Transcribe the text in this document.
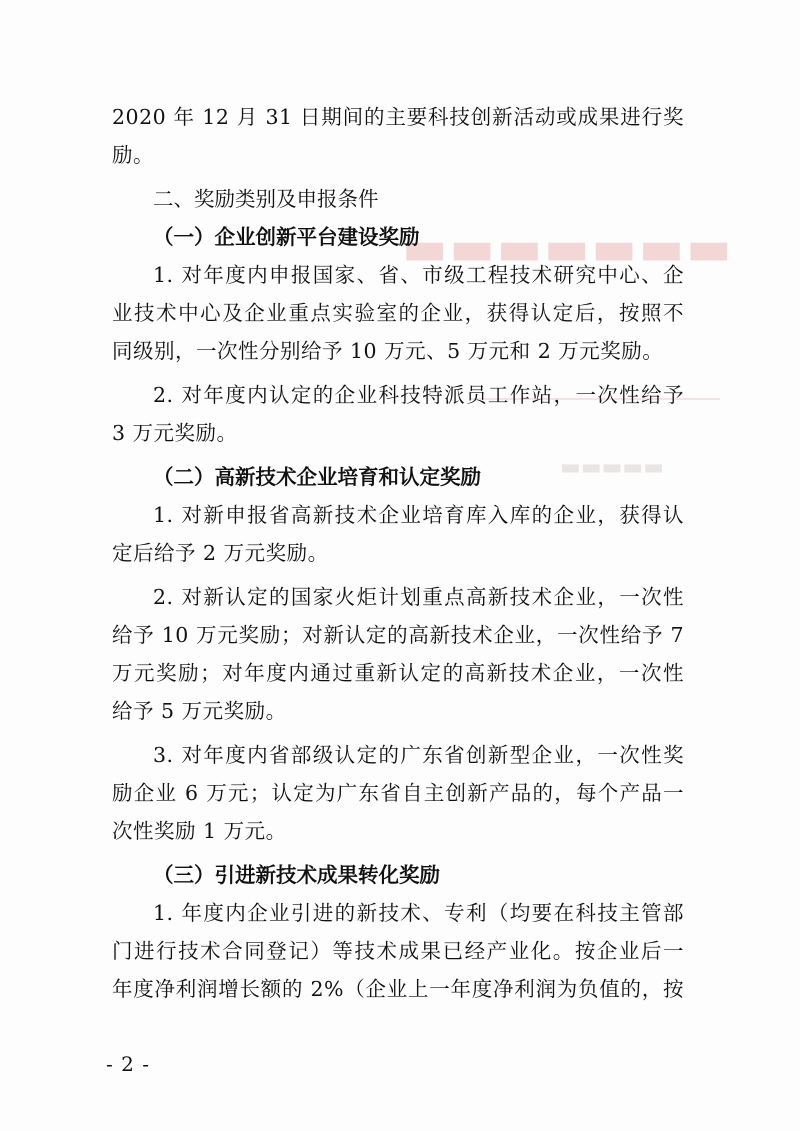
▬▬▬▬▬▬▬
▬▬▬▬▬
2020 年 12 月 31 日期间的主要科技创新活动或成果进行奖
励。
二、奖励类别及申报条件
（一）企业创新平台建设奖励
1. 对年度内申报国家、省、市级工程技术研究中心、企
业技术中心及企业重点实验室的企业，获得认定后，按照不
同级别，一次性分别给予 10 万元、5 万元和 2 万元奖励。
2. 对年度内认定的企业科技特派员工作站，一次性给予
3 万元奖励。
（二）高新技术企业培育和认定奖励
1. 对新申报省高新技术企业培育库入库的企业，获得认
定后给予 2 万元奖励。
2. 对新认定的国家火炬计划重点高新技术企业，一次性
给予 10 万元奖励；对新认定的高新技术企业，一次性给予 7
万元奖励；对年度内通过重新认定的高新技术企业，一次性
给予 5 万元奖励。
3. 对年度内省部级认定的广东省创新型企业，一次性奖
励企业 6 万元；认定为广东省自主创新产品的，每个产品一
次性奖励 1 万元。
（三）引进新技术成果转化奖励
1. 年度内企业引进的新技术、专利（均要在科技主管部
门进行技术合同登记）等技术成果已经产业化。按企业后一
年度净利润增长额的 2%（企业上一年度净利润为负值的，按
- 2 -
